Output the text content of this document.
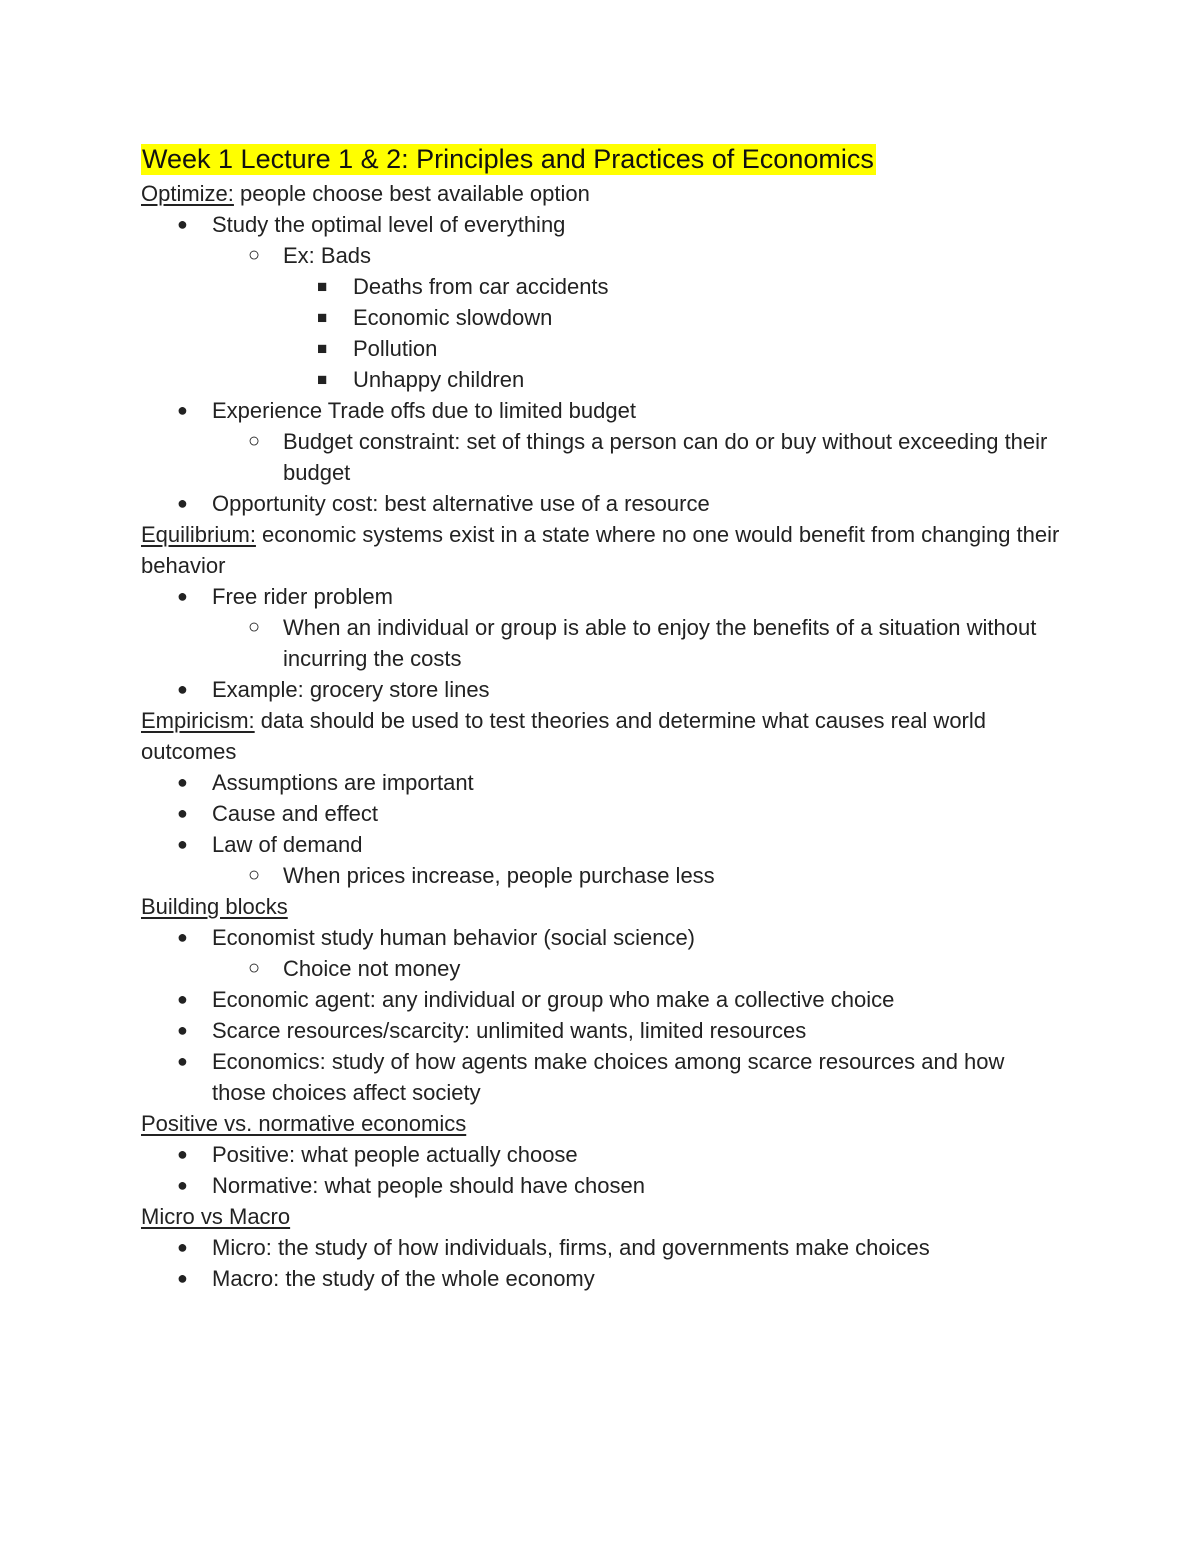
Week 1 Lecture 1 & 2: Principles and Practices of Economics
Optimize: people choose best available option
● Study the optimal level of everything
○ Ex: Bads
■ Deaths from car accidents
■ Economic slowdown
■ Pollution
■ Unhappy children
● Experience Trade offs due to limited budget
○ Budget constraint: set of things a person can do or buy without exceeding their budget
● Opportunity cost: best alternative use of a resource
Equilibrium: economic systems exist in a state where no one would benefit from changing their behavior
● Free rider problem
○ When an individual or group is able to enjoy the benefits of a situation without incurring the costs
● Example: grocery store lines
Empiricism: data should be used to test theories and determine what causes real world outcomes
● Assumptions are important
● Cause and effect
● Law of demand
○ When prices increase, people purchase less
Building blocks
● Economist study human behavior (social science)
○ Choice not money
● Economic agent: any individual or group who make a collective choice
● Scarce resources/scarcity: unlimited wants, limited resources
● Economics: study of how agents make choices among scarce resources and how those choices affect society
Positive vs. normative economics
● Positive: what people actually choose
● Normative: what people should have chosen
Micro vs Macro
● Micro: the study of how individuals, firms, and governments make choices
● Macro: the study of the whole economy
